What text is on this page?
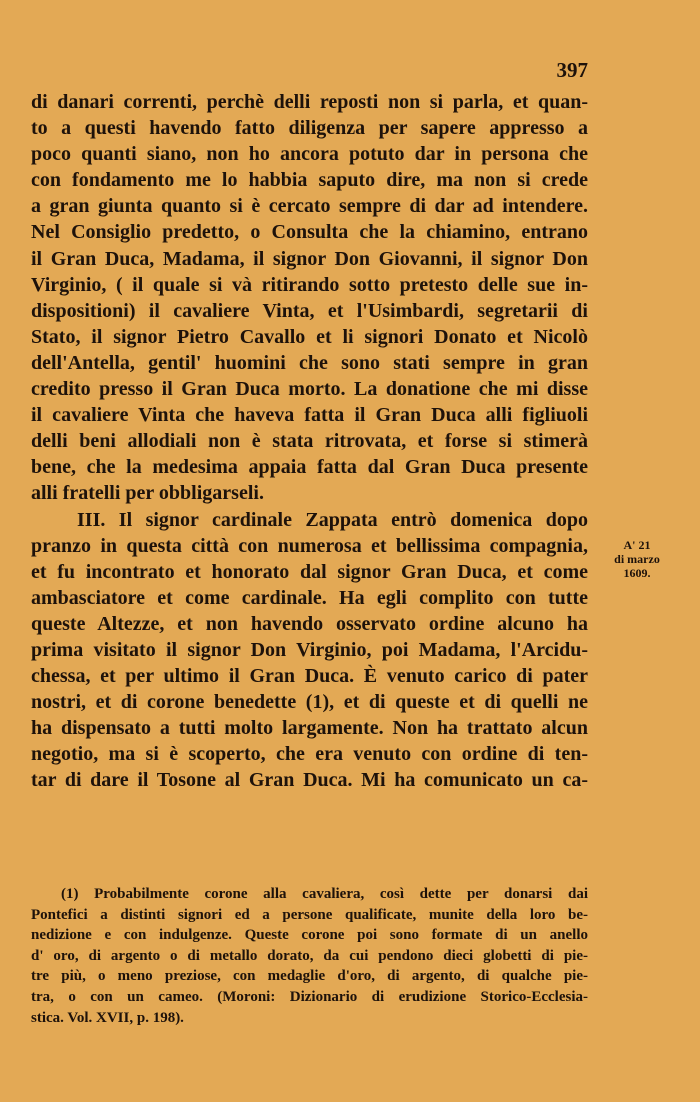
397
di danari correnti, perchè delli reposti non si parla, et quan-
to a questi havendo fatto diligenza per sapere appresso a
poco quanti siano, non ho ancora potuto dar in persona che
con fondamento me lo habbia saputo dire, ma non si crede
a gran giunta quanto si è cercato sempre di dar ad intendere.
Nel Consiglio predetto, o Consulta che la chiamino, entrano
il Gran Duca, Madama, il signor Don Giovanni, il signor Don
Virginio, ( il quale si và ritirando sotto pretesto delle sue in-
dispositioni) il cavaliere Vinta, et l'Usimbardi, segretarii di
Stato, il signor Pietro Cavallo et li signori Donato et Nicolò
dell'Antella, gentil' huomini che sono stati sempre in gran
credito presso il Gran Duca morto. La donatione che mi disse
il cavaliere Vinta che haveva fatta il Gran Duca alli figliuoli
delli beni allodiali non è stata ritrovata, et forse si stimerà
bene, che la medesima appaia fatta dal Gran Duca presente
alli fratelli per obbligarseli.
III. Il signor cardinale Zappata entrò domenica dopo
pranzo in questa città con numerosa et bellissima compagnia,
et fu incontrato et honorato dal signor Gran Duca, et come
ambasciatore et come cardinale. Ha egli complito con tutte
queste Altezze, et non havendo osservato ordine alcuno ha
prima visitato il signor Don Virginio, poi Madama, l'Arcidu-
chessa, et per ultimo il Gran Duca. È venuto carico di pater
nostri, et di corone benedette (1), et di queste et di quelli ne
ha dispensato a tutti molto largamente. Non ha trattato alcun
negotio, ma si è scoperto, che era venuto con ordine di ten-
tar di dare il Tosone al Gran Duca. Mi ha comunicato un ca-
A' 21
di marzo
1609.
(1) Probabilmente corone alla cavaliera, così dette per donarsi dai
Pontefici a distinti signori ed a persone qualificate, munite della loro be-
nedizione e con indulgenze. Queste corone poi sono formate di un anello
d' oro, di argento o di metallo dorato, da cui pendono dieci globetti di pie-
tre più, o meno preziose, con medaglie d'oro, di argento, di qualche pie-
tra, o con un cameo. (Moroni: Dizionario di erudizione Storico-Ecclesia-
stica. Vol. XVII, p. 198).
